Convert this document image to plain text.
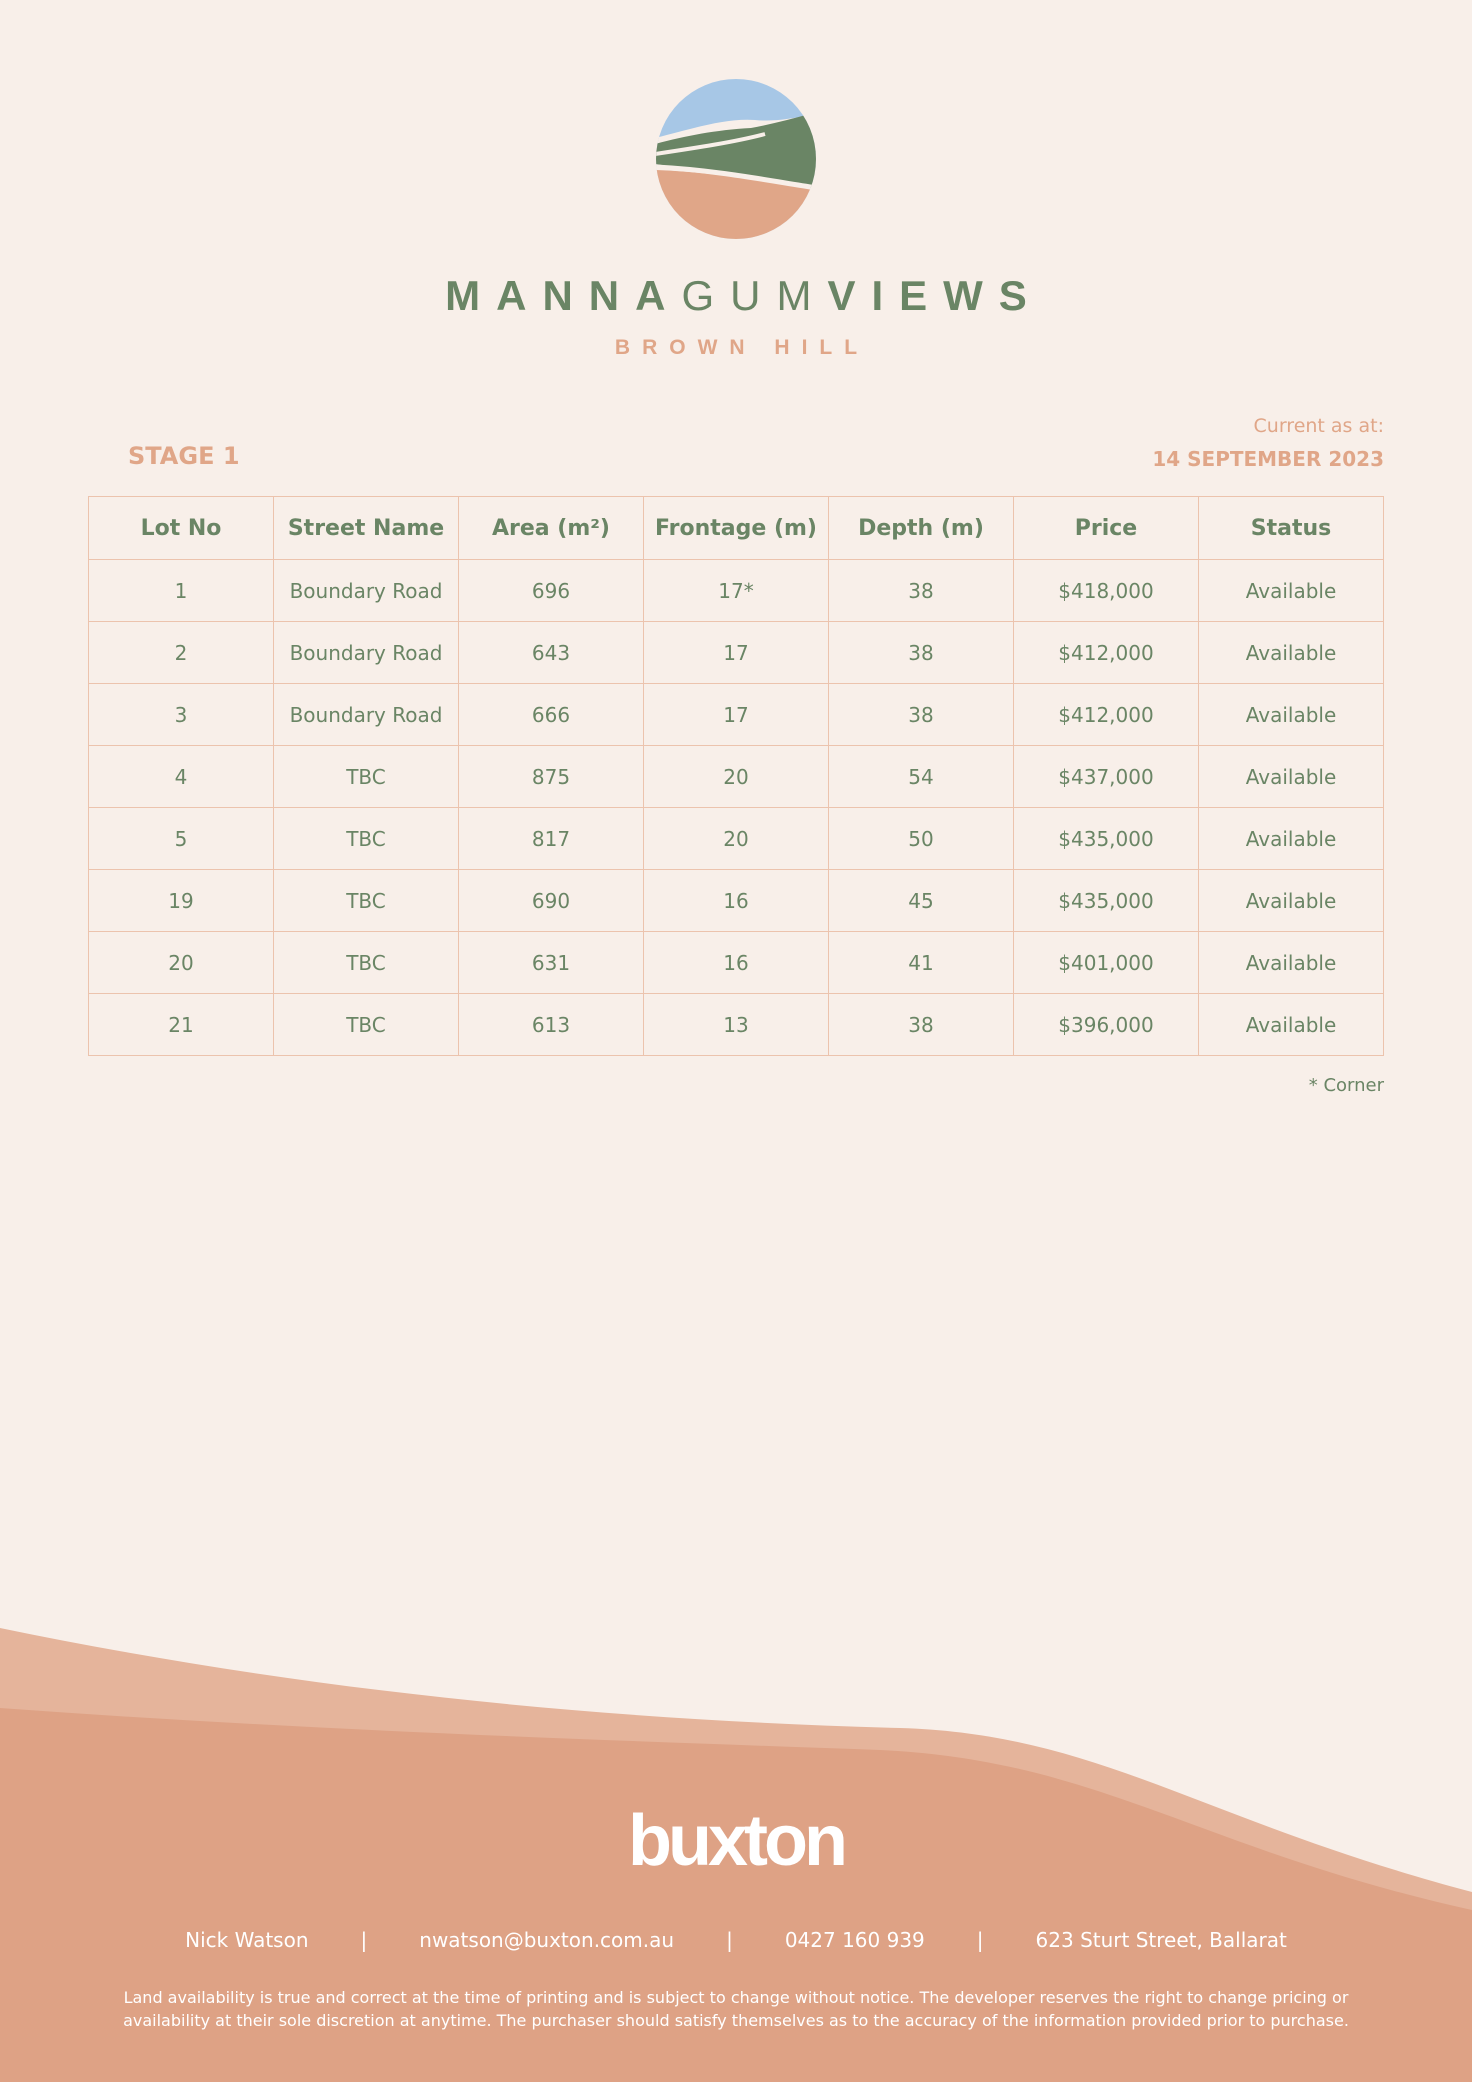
MANNAGUMVIEWS
BROWN HILL
STAGE 1
Current as at:
14 SEPTEMBER 2023
Lot No	Street Name	Area (m²)	Frontage (m)	Depth (m)	Price	Status
1	Boundary Road	696	17*	38	$418,000	Available
2	Boundary Road	643	17	38	$412,000	Available
3	Boundary Road	666	17	38	$412,000	Available
4	TBC	875	20	54	$437,000	Available
5	TBC	817	20	50	$435,000	Available
19	TBC	690	16	45	$435,000	Available
20	TBC	631	16	41	$401,000	Available
21	TBC	613	13	38	$396,000	Available
* Corner
buxton
Nick Watson	|	nwatson@buxton.com.au	|	0427 160 939	|	623 Sturt Street, Ballarat
Land availability is true and correct at the time of printing and is subject to change without notice. The developer reserves the right to change pricing or availability at their sole discretion at anytime. The purchaser should satisfy themselves as to the accuracy of the information provided prior to purchase.
